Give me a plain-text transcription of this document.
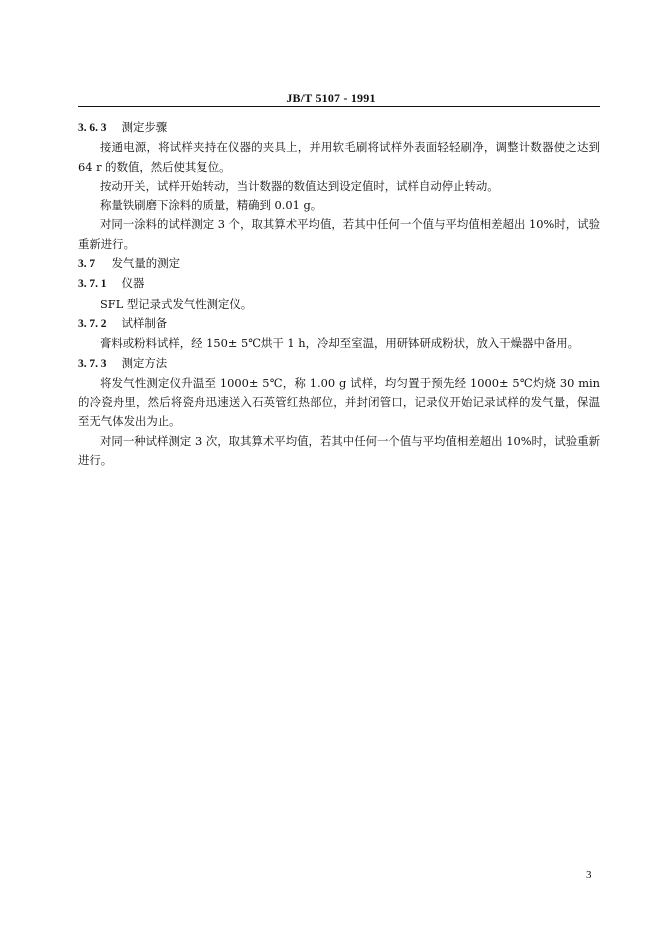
JB/T 5107 - 1991

3. 6. 3 测定步骤

接通电源，将试样夹持在仪器的夹具上，并用软毛刷将试样外表面轻轻刷净，调整计数器使之达到 64 r 的数值，然后使其复位。

按动开关，试样开始转动，当计数器的数值达到设定值时，试样自动停止转动。

称量铁刷磨下涂料的质量，精确到 0.01 g。

对同一涂料的试样测定 3 个，取其算术平均值，若其中任何一个值与平均值相差超出 10%时，试验重新进行。

3. 7 发气量的测定

3. 7. 1 仪器

SFL 型记录式发气性测定仪。

3. 7. 2 试样制备

膏料或粉料试样，经 150± 5℃烘干 1 h，冷却至室温，用研钵研成粉状，放入干燥器中备用。

3. 7. 3 测定方法

将发气性测定仪升温至 1000± 5℃，称 1.00 g 试样，均匀置于预先经 1000± 5℃灼烧 30 min 的冷瓷舟里，然后将瓷舟迅速送入石英管红热部位，并封闭管口，记录仪开始记录试样的发气量，保温至无气体发出为止。

对同一种试样测定 3 次，取其算术平均值，若其中任何一个值与平均值相差超出 10%时，试验重新进行。

3
